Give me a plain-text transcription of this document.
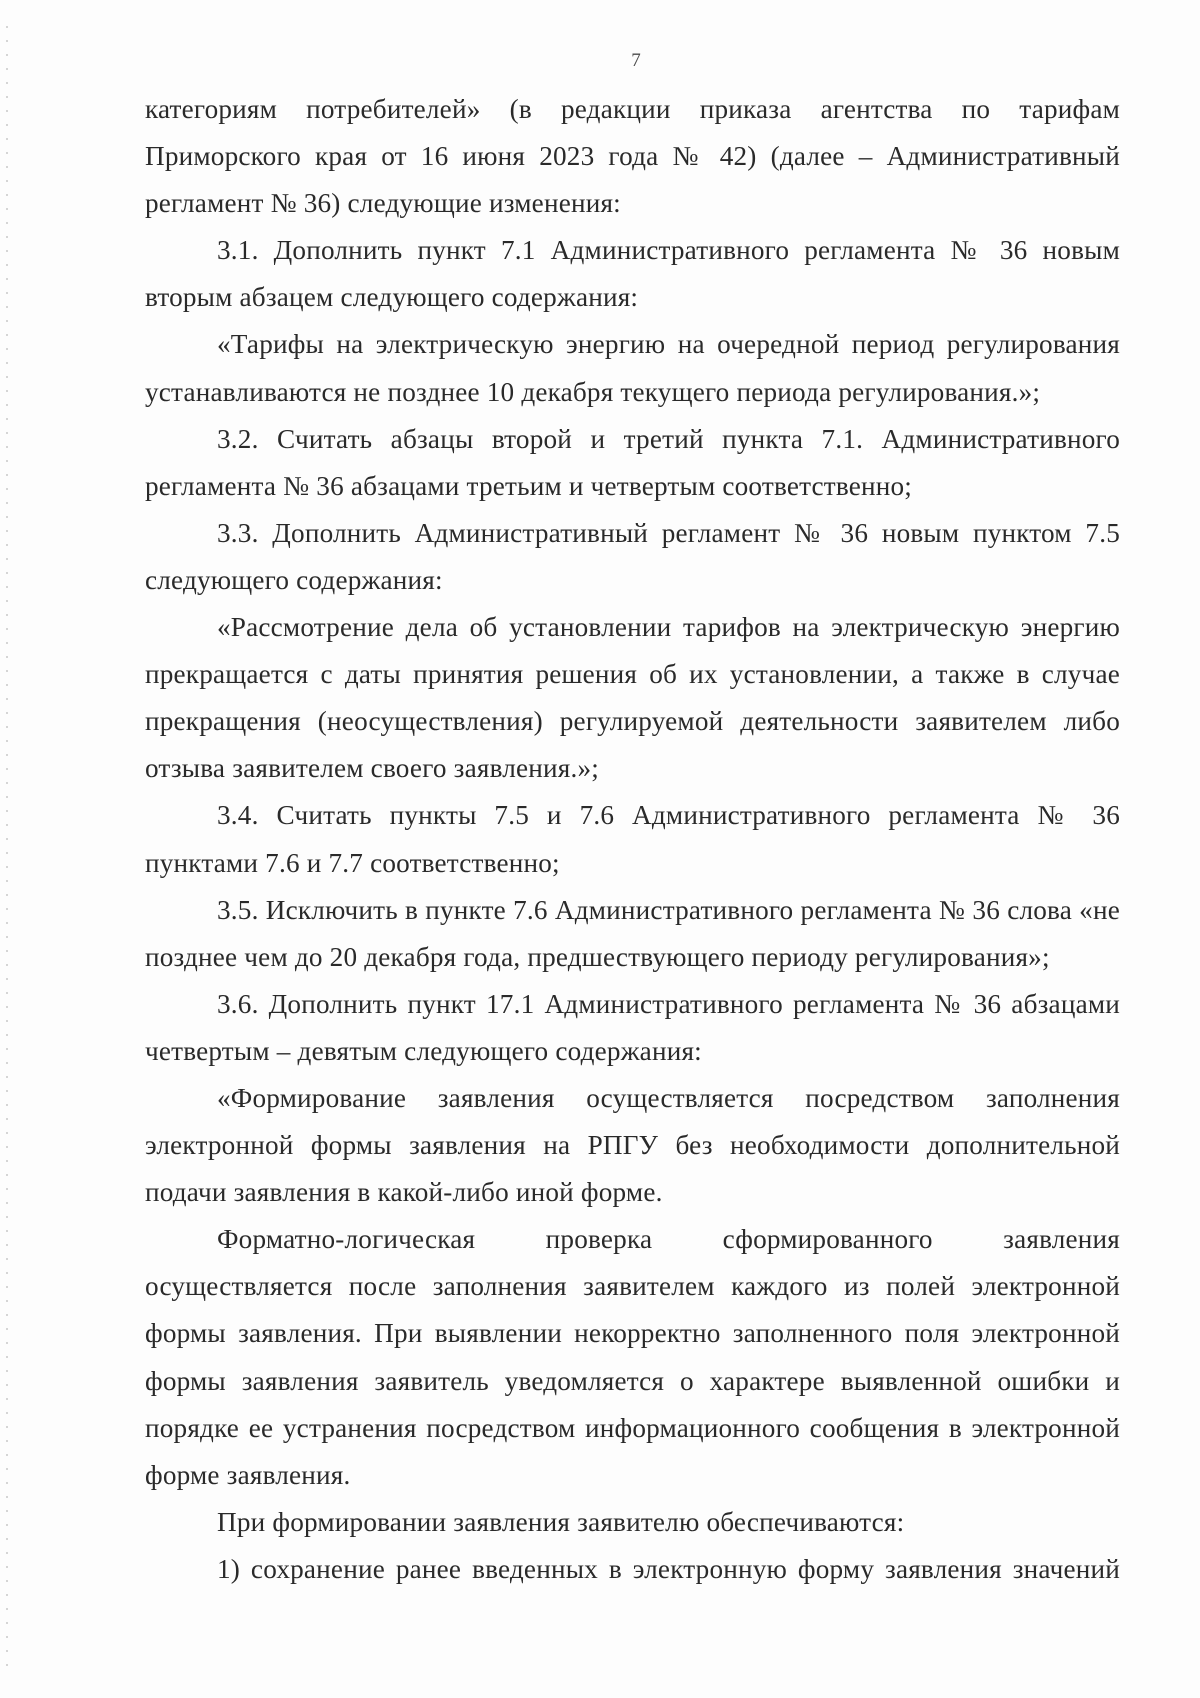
7

категориям потребителей» (в редакции приказа агентства по тарифам Приморского края от 16 июня 2023 года № 42) (далее – Административный регламент № 36) следующие изменения:

3.1. Дополнить пункт 7.1 Административного регламента № 36 новым вторым абзацем следующего содержания:

«Тарифы на электрическую энергию на очередной период регулирования устанавливаются не позднее 10 декабря текущего периода регулирования.»;

3.2. Считать абзацы второй и третий пункта 7.1. Административного регламента № 36 абзацами третьим и четвертым соответственно;

3.3. Дополнить Административный регламент № 36 новым пунктом 7.5 следующего содержания:

«Рассмотрение дела об установлении тарифов на электрическую энергию прекращается с даты принятия решения об их установлении, а также в случае прекращения (неосуществления) регулируемой деятельности заявителем либо отзыва заявителем своего заявления.»;

3.4. Считать пункты 7.5 и 7.6 Административного регламента № 36 пунктами 7.6 и 7.7 соответственно;

3.5. Исключить в пункте 7.6 Административного регламента № 36 слова «не позднее чем до 20 декабря года, предшествующего периоду регулирования»;

3.6. Дополнить пункт 17.1 Административного регламента № 36 абзацами четвертым – девятым следующего содержания:

«Формирование заявления осуществляется посредством заполнения электронной формы заявления на РПГУ без необходимости дополнительной подачи заявления в какой-либо иной форме.

Форматно-логическая проверка сформированного заявления осуществляется после заполнения заявителем каждого из полей электронной формы заявления. При выявлении некорректно заполненного поля электронной формы заявления заявитель уведомляется о характере выявленной ошибки и порядке ее устранения посредством информационного сообщения в электронной форме заявления.

При формировании заявления заявителю обеспечиваются:

1) сохранение ранее введенных в электронную форму заявления значений
